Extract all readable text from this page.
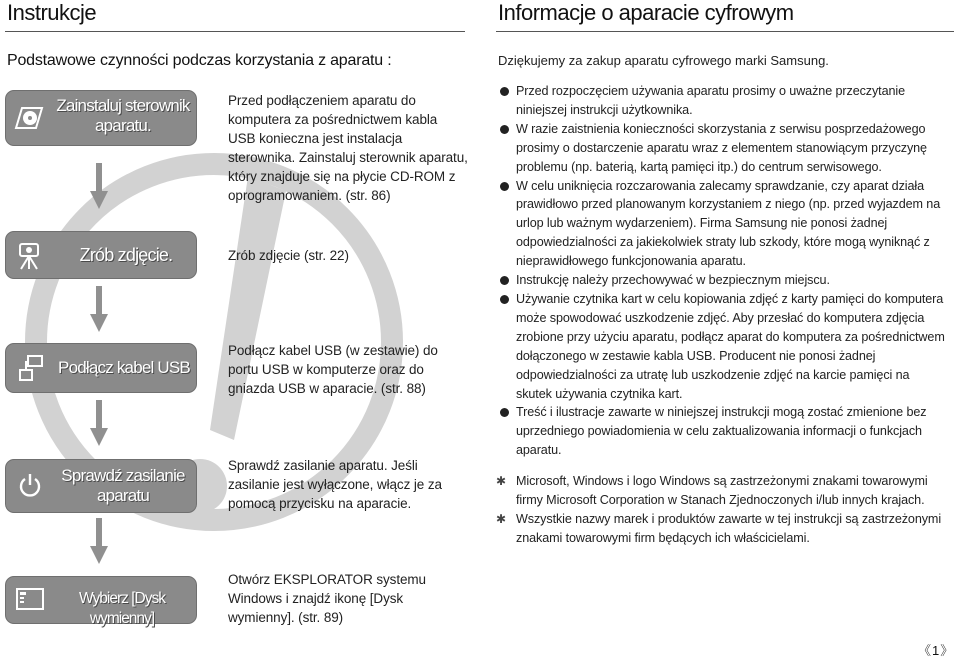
Instrukcje
Podstawowe czynności podczas korzystania z aparatu :
Zainstaluj sterownik aparatu.
Przed podłączeniem aparatu do komputera za pośrednictwem kabla USB konieczna jest instalacja sterownika. Zainstaluj sterownik aparatu, który znajduje się na płycie CD-ROM z oprogramowaniem. (str. 86)
Zrób zdjęcie.	Zrób zdjęcie (str. 22)
Podłącz kabel USB
Podłącz kabel USB (w zestawie) do portu USB w komputerze oraz do gniazda USB w aparacie. (str. 88)
Sprawdź zasilanie aparatu
Sprawdź zasilanie aparatu. Jeśli zasilanie jest wyłączone, włącz je za pomocą przycisku na aparacie.
Wybierz [Dysk wymienny]
Otwórz EKSPLORATOR systemu Windows i znajdź ikonę [Dysk wymienny]. (str. 89)
Informacje o aparacie cyfrowym
Dziękujemy za zakup aparatu cyfrowego marki Samsung.
Przed rozpoczęciem używania aparatu prosimy o uważne przeczytanie niniejszej instrukcji użytkownika.
W razie zaistnienia konieczności skorzystania z serwisu posprzedażowego prosimy o dostarczenie aparatu wraz z elementem stanowiącym przyczynę problemu (np. baterią, kartą pamięci itp.) do centrum serwisowego.
W celu uniknięcia rozczarowania zalecamy sprawdzanie, czy aparat działa prawidłowo przed planowanym korzystaniem z niego (np. przed wyjazdem na urlop lub ważnym wydarzeniem). Firma Samsung nie ponosi żadnej odpowiedzialności za jakiekolwiek straty lub szkody, które mogą wyniknąć z nieprawidłowego funkcjonowania aparatu.
Instrukcję należy przechowywać w bezpiecznym miejscu.
Używanie czytnika kart w celu kopiowania zdjęć z karty pamięci do komputera może spowodować uszkodzenie zdjęć. Aby przesłać do komputera zdjęcia zrobione przy użyciu aparatu, podłącz aparat do komputera za pośrednictwem dołączonego w zestawie kabla USB. Producent nie ponosi żadnej odpowiedzialności za utratę lub uszkodzenie zdjęć na karcie pamięci na skutek używania czytnika kart.
Treść i ilustracje zawarte w niniejszej instrukcji mogą zostać zmienione bez uprzedniego powiadomienia w celu zaktualizowania informacji o funkcjach aparatu.
✱ Microsoft, Windows i logo Windows są zastrzeżonymi znakami towarowymi firmy Microsoft Corporation w Stanach Zjednoczonych i/lub innych krajach.
✱ Wszystkie nazwy marek i produktów zawarte w tej instrukcji są zastrzeżonymi znakami towarowymi firm będących ich właścicielami.
《1》
